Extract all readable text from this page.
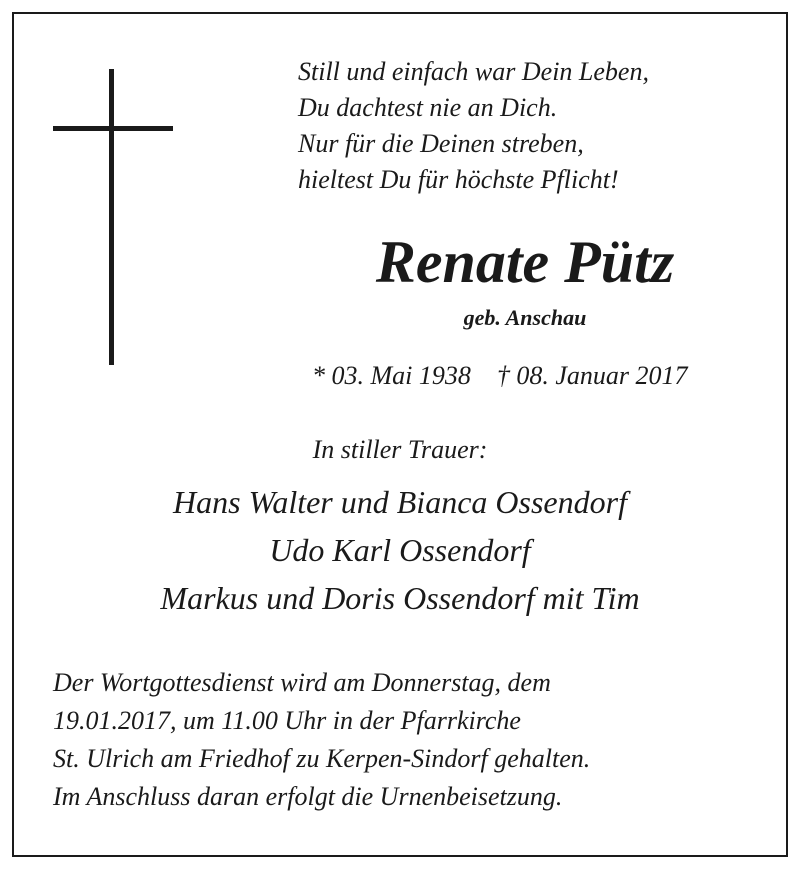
Still und einfach war Dein Leben,
Du dachtest nie an Dich.
Nur für die Deinen streben,
hieltest Du für höchste Pflicht!
Renate Pütz
geb. Anschau
* 03. Mai 1938 † 08. Januar 2017
In stiller Trauer:
Hans Walter und Bianca Ossendorf
Udo Karl Ossendorf
Markus und Doris Ossendorf mit Tim
Der Wortgottesdienst wird am Donnerstag, dem
19.01.2017, um 11.00 Uhr in der Pfarrkirche
St. Ulrich am Friedhof zu Kerpen-Sindorf gehalten.
Im Anschluss daran erfolgt die Urnenbeisetzung.
